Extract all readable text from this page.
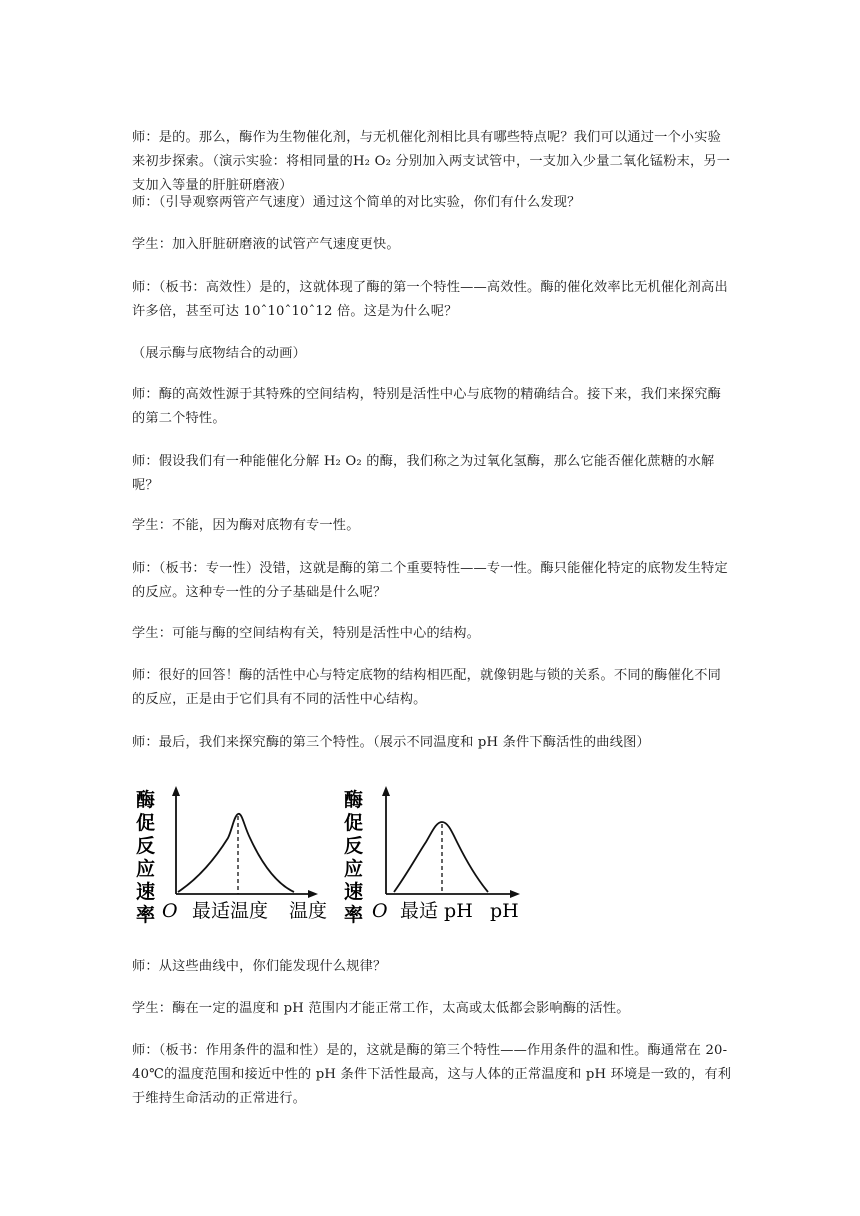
师：是的。那么，酶作为生物催化剂，与无机催化剂相比具有哪些特点呢？我们可以通过一个小实验来初步探索。（演示实验：将相同量的H₂ O₂ 分别加入两支试管中，一支加入少量二氧化锰粉末，另一支加入等量的肝脏研磨液）

师：（引导观察两管产气速度）通过这个简单的对比实验，你们有什么发现？

学生：加入肝脏研磨液的试管产气速度更快。

师：（板书：高效性）是的，这就体现了酶的第一个特性——高效性。酶的催化效率比无机催化剂高出许多倍，甚至可达 10ˆ10ˆ10ˆ12 倍。这是为什么呢？

（展示酶与底物结合的动画）

师：酶的高效性源于其特殊的空间结构，特别是活性中心与底物的精确结合。接下来，我们来探究酶的第二个特性。

师：假设我们有一种能催化分解 H₂ O₂ 的酶，我们称之为过氧化氢酶，那么它能否催化蔗糖的水解呢？

学生：不能，因为酶对底物有专一性。

师：（板书：专一性）没错，这就是酶的第二个重要特性——专一性。酶只能催化特定的底物发生特定的反应。这种专一性的分子基础是什么呢？

学生：可能与酶的空间结构有关，特别是活性中心的结构。

师：很好的回答！酶的活性中心与特定底物的结构相匹配，就像钥匙与锁的关系。不同的酶催化不同的反应，正是由于它们具有不同的活性中心结构。

师：最后，我们来探究酶的第三个特性。（展示不同温度和 pH 条件下酶活性的曲线图）

酶
促
反
应
速
率 O 最适温度 温度
酶
促
反
应
速
率 O 最适 pH pH

师：从这些曲线中，你们能发现什么规律？

学生：酶在一定的温度和 pH 范围内才能正常工作，太高或太低都会影响酶的活性。

师：（板书：作用条件的温和性）是的，这就是酶的第三个特性——作用条件的温和性。酶通常在 20-40℃的温度范围和接近中性的 pH 条件下活性最高，这与人体的正常温度和 pH 环境是一致的，有利于维持生命活动的正常进行。
